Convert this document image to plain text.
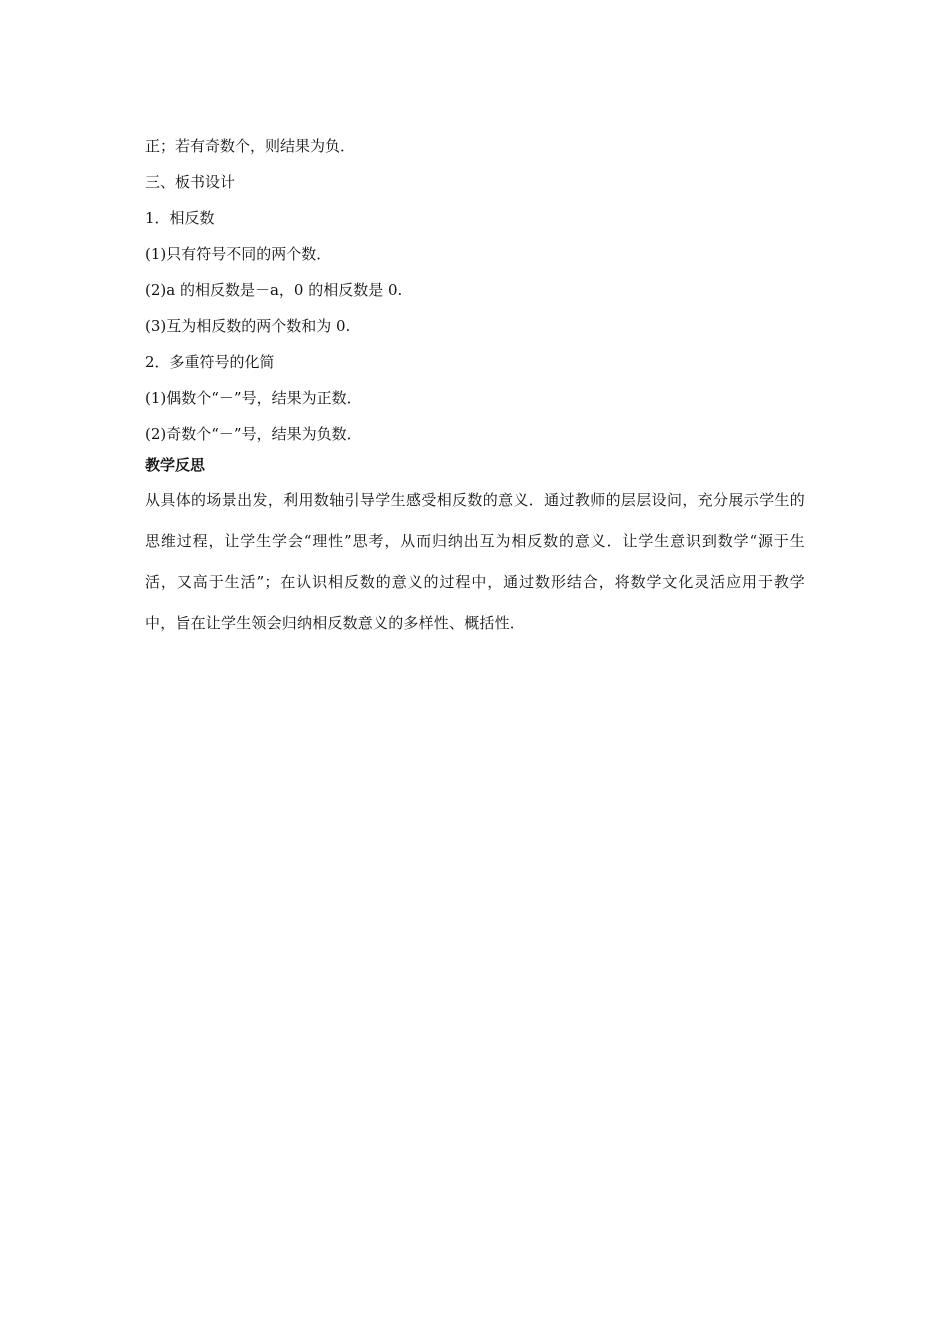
正；若有奇数个，则结果为负．
三、板书设计
1．相反数
(1)只有符号不同的两个数．
(2)a 的相反数是－a，0 的相反数是 0.
(3)互为相反数的两个数和为 0.
2．多重符号的化简
(1)偶数个“－”号，结果为正数．
(2)奇数个“－”号，结果为负数．
教学反思

从具体的场景出发，利用数轴引导学生感受相反数的意义．通过教师的层层设问，充分展示学生的思维过程，让学生学会“理性”思考，从而归纳出互为相反数的意义．让学生意识到数学“源于生活，又高于生活”；在认识相反数的意义的过程中，通过数形结合，将数学文化灵活应用于教学中，旨在让学生领会归纳相反数意义的多样性、概括性．
